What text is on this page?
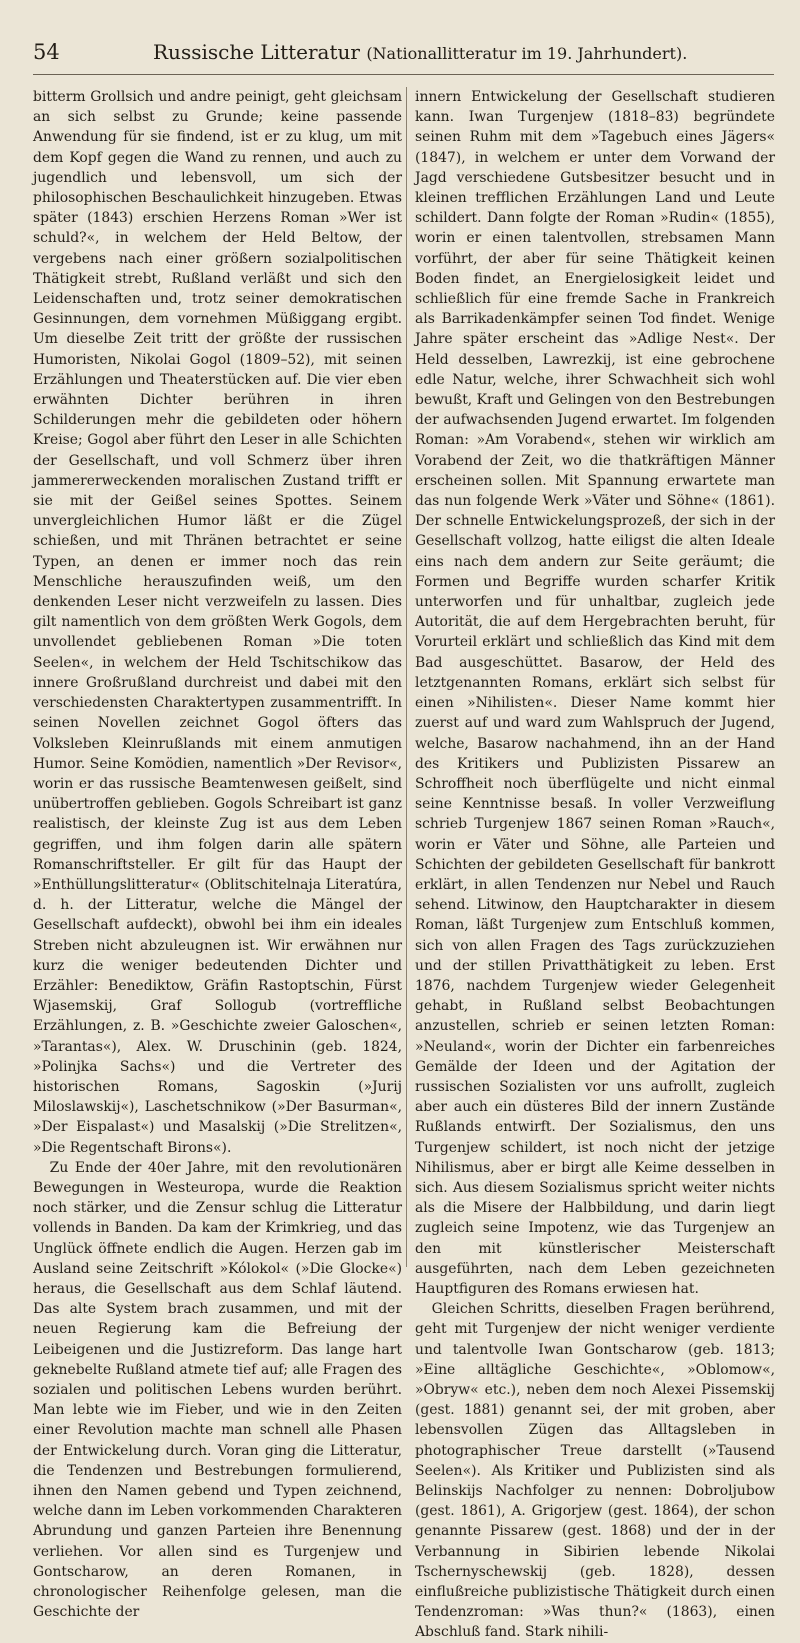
54	Russische Litteratur (Nationallitteratur im 19. Jahrhundert).

bitterm Grollsich und andre peinigt, geht gleichsam an sich selbst zu Grunde; keine passende Anwendung für sie findend, ist er zu klug, um mit dem Kopf gegen die Wand zu rennen, und auch zu jugendlich und lebensvoll, um sich der philosophischen Beschaulichkeit hinzugeben. Etwas später (1843) erschien Herzens Roman »Wer ist schuld?«, in welchem der Held Beltow, der vergebens nach einer größern sozialpolitischen Thätigkeit strebt, Rußland verläßt und sich den Leidenschaften und, trotz seiner demokratischen Gesinnungen, dem vornehmen Müßiggang ergibt. Um dieselbe Zeit tritt der größte der russischen Humoristen, Nikolai Gogol (1809–52), mit seinen Erzählungen und Theaterstücken auf. Die vier eben erwähnten Dichter berühren in ihren Schilderungen mehr die gebildeten oder höhern Kreise; Gogol aber führt den Leser in alle Schichten der Gesellschaft, und voll Schmerz über ihren jammererweckenden moralischen Zustand trifft er sie mit der Geißel seines Spottes. Seinem unvergleichlichen Humor läßt er die Zügel schießen, und mit Thränen betrachtet er seine Typen, an denen er immer noch das rein Menschliche herauszufinden weiß, um den denkenden Leser nicht verzweifeln zu lassen. Dies gilt namentlich von dem größten Werk Gogols, dem unvollendet gebliebenen Roman »Die toten Seelen«, in welchem der Held Tschitschikow das innere Großrußland durchreist und dabei mit den verschiedensten Charaktertypen zusammentrifft. In seinen Novellen zeichnet Gogol öfters das Volksleben Kleinrußlands mit einem anmutigen Humor. Seine Komödien, namentlich »Der Revisor«, worin er das russische Beamtenwesen geißelt, sind unübertroffen geblieben. Gogols Schreibart ist ganz realistisch, der kleinste Zug ist aus dem Leben gegriffen, und ihm folgen darin alle spätern Romanschriftsteller. Er gilt für das Haupt der »Enthüllungslitteratur« (Oblitschitelnaja Literatúra, d. h. der Litteratur, welche die Mängel der Gesellschaft aufdeckt), obwohl bei ihm ein ideales Streben nicht abzuleugnen ist. Wir erwähnen nur kurz die weniger bedeutenden Dichter und Erzähler: Benediktow, Gräfin Rastoptschin, Fürst Wjasemskij, Graf Sollogub (vortreffliche Erzählungen, z. B. »Geschichte zweier Galoschen«, »Tarantas«), Alex. W. Druschinin (geb. 1824, »Polinjka Sachs«) und die Vertreter des historischen Romans, Sagoskin (»Jurij Miloslawskij«), Laschetschnikow (»Der Basurman«, »Der Eispalast«) und Masalskij (»Die Strelitzen«, »Die Regentschaft Birons«).

Zu Ende der 40er Jahre, mit den revolutionären Bewegungen in Westeuropa, wurde die Reaktion noch stärker, und die Zensur schlug die Litteratur vollends in Banden. Da kam der Krimkrieg, und das Unglück öffnete endlich die Augen. Herzen gab im Ausland seine Zeitschrift »Kólokol« (»Die Glocke«) heraus, die Gesellschaft aus dem Schlaf läutend. Das alte System brach zusammen, und mit der neuen Regierung kam die Befreiung der Leibeigenen und die Justizreform. Das lange hart geknebelte Rußland atmete tief auf; alle Fragen des sozialen und politischen Lebens wurden berührt. Man lebte wie im Fieber, und wie in den Zeiten einer Revolution machte man schnell alle Phasen der Entwickelung durch. Voran ging die Litteratur, die Tendenzen und Bestrebungen formulierend, ihnen den Namen gebend und Typen zeichnend, welche dann im Leben vorkommenden Charakteren Abrundung und ganzen Parteien ihre Benennung verliehen. Vor allen sind es Turgenjew und Gontscharow, an deren Romanen, in chronologischer Reihenfolge gelesen, man die Geschichte der

innern Entwickelung der Gesellschaft studieren kann. Iwan Turgenjew (1818–83) begründete seinen Ruhm mit dem »Tagebuch eines Jägers« (1847), in welchem er unter dem Vorwand der Jagd verschiedene Gutsbesitzer besucht und in kleinen trefflichen Erzählungen Land und Leute schildert. Dann folgte der Roman »Rudin« (1855), worin er einen talentvollen, strebsamen Mann vorführt, der aber für seine Thätigkeit keinen Boden findet, an Energielosigkeit leidet und schließlich für eine fremde Sache in Frankreich als Barrikadenkämpfer seinen Tod findet. Wenige Jahre später erscheint das »Adlige Nest«. Der Held desselben, Lawrezkij, ist eine gebrochene edle Natur, welche, ihrer Schwachheit sich wohl bewußt, Kraft und Gelingen von den Bestrebungen der aufwachsenden Jugend erwartet. Im folgenden Roman: »Am Vorabend«, stehen wir wirklich am Vorabend der Zeit, wo die thatkräftigen Männer erscheinen sollen. Mit Spannung erwartete man das nun folgende Werk »Väter und Söhne« (1861). Der schnelle Entwickelungsprozeß, der sich in der Gesellschaft vollzog, hatte eiligst die alten Ideale eins nach dem andern zur Seite geräumt; die Formen und Begriffe wurden scharfer Kritik unterworfen und für unhaltbar, zugleich jede Autorität, die auf dem Hergebrachten beruht, für Vorurteil erklärt und schließlich das Kind mit dem Bad ausgeschüttet. Basarow, der Held des letztgenannten Romans, erklärt sich selbst für einen »Nihilisten«. Dieser Name kommt hier zuerst auf und ward zum Wahlspruch der Jugend, welche, Basarow nachahmend, ihn an der Hand des Kritikers und Publizisten Pissarew an Schroffheit noch überflügelte und nicht einmal seine Kenntnisse besaß. In voller Verzweiflung schrieb Turgenjew 1867 seinen Roman »Rauch«, worin er Väter und Söhne, alle Parteien und Schichten der gebildeten Gesellschaft für bankrott erklärt, in allen Tendenzen nur Nebel und Rauch sehend. Litwinow, den Hauptcharakter in diesem Roman, läßt Turgenjew zum Entschluß kommen, sich von allen Fragen des Tags zurückzuziehen und der stillen Privatthätigkeit zu leben. Erst 1876, nachdem Turgenjew wieder Gelegenheit gehabt, in Rußland selbst Beobachtungen anzustellen, schrieb er seinen letzten Roman: »Neuland«, worin der Dichter ein farbenreiches Gemälde der Ideen und der Agitation der russischen Sozialisten vor uns aufrollt, zugleich aber auch ein düsteres Bild der innern Zustände Rußlands entwirft. Der Sozialismus, den uns Turgenjew schildert, ist noch nicht der jetzige Nihilismus, aber er birgt alle Keime desselben in sich. Aus diesem Sozialismus spricht weiter nichts als die Misere der Halbbildung, und darin liegt zugleich seine Impotenz, wie das Turgenjew an den mit künstlerischer Meisterschaft ausgeführten, nach dem Leben gezeichneten Hauptfiguren des Romans erwiesen hat.

Gleichen Schritts, dieselben Fragen berührend, geht mit Turgenjew der nicht weniger verdiente und talentvolle Iwan Gontscharow (geb. 1813; »Eine alltägliche Geschichte«, »Oblomow«, »Obryw« etc.), neben dem noch Alexei Pissemskij (gest. 1881) genannt sei, der mit groben, aber lebensvollen Zügen das Alltagsleben in photographischer Treue darstellt (»Tausend Seelen«). Als Kritiker und Publizisten sind als Belinskijs Nachfolger zu nennen: Dobroljubow (gest. 1861), A. Grigorjew (gest. 1864), der schon genannte Pissarew (gest. 1868) und der in der Verbannung in Sibirien lebende Nikolai Tschernyschewskij (geb. 1828), dessen einflußreiche publizistische Thätigkeit durch einen Tendenzroman: »Was thun?« (1863), einen Abschluß fand. Stark nihili-
